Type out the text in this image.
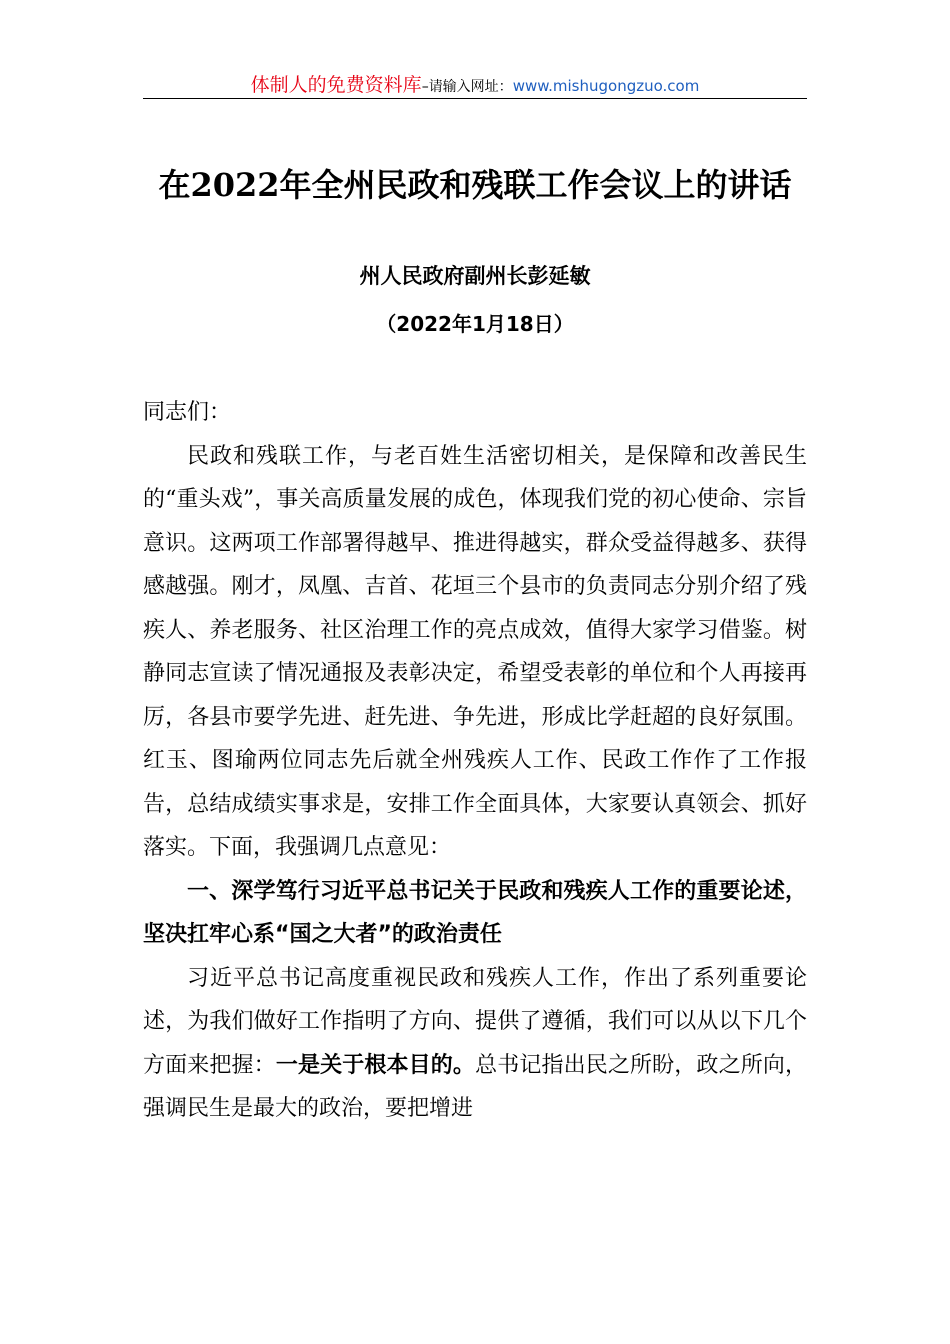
体制人的免费资料库–请输入网址：www.mishugongzuo.com
在2022年全州民政和残联工作会议上的讲话
州人民政府副州长彭延敏
（2022年1月18日）

同志们：

民政和残联工作，与老百姓生活密切相关，是保障和改善民生的“重头戏”，事关高质量发展的成色，体现我们党的初心使命、宗旨意识。这两项工作部署得越早、推进得越实，群众受益得越多、获得感越强。刚才，凤凰、吉首、花垣三个县市的负责同志分别介绍了残疾人、养老服务、社区治理工作的亮点成效，值得大家学习借鉴。树静同志宣读了情况通报及表彰决定，希望受表彰的单位和个人再接再厉，各县市要学先进、赶先进、争先进，形成比学赶超的良好氛围。红玉、图瑜两位同志先后就全州残疾人工作、民政工作作了工作报告，总结成绩实事求是，安排工作全面具体，大家要认真领会、抓好落实。下面，我强调几点意见：

一、深学笃行习近平总书记关于民政和残疾人工作的重要论述，坚决扛牢心系“国之大者”的政治责任

习近平总书记高度重视民政和残疾人工作，作出了系列重要论述，为我们做好工作指明了方向、提供了遵循，我们可以从以下几个方面来把握：一是关于根本目的。总书记指出民之所盼，政之所向，强调民生是最大的政治，要把增进
